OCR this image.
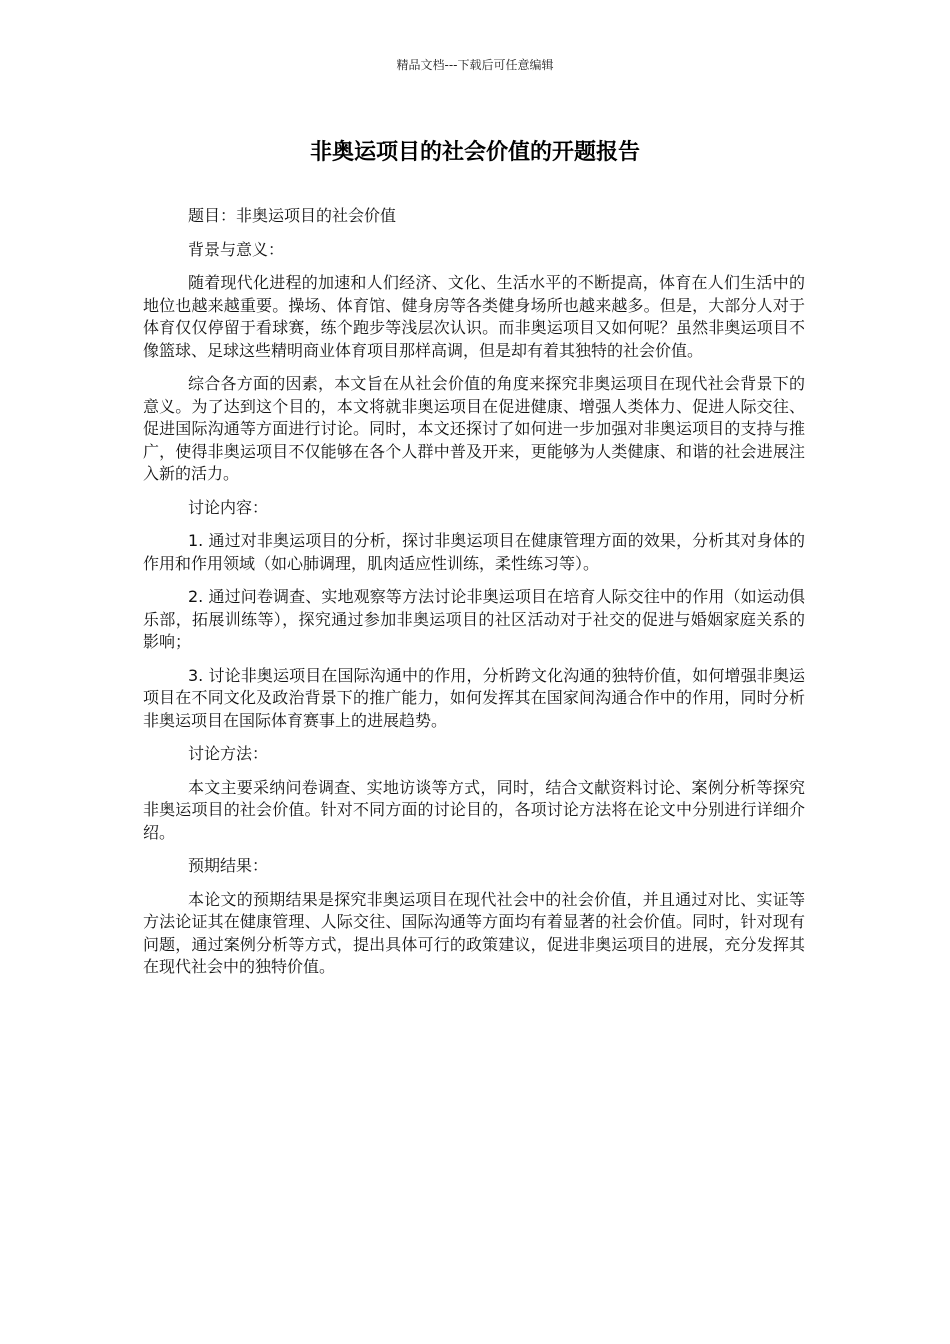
精品文档---下载后可任意编辑
非奥运项目的社会价值的开题报告

题目：非奥运项目的社会价值

背景与意义：

随着现代化进程的加速和人们经济、文化、生活水平的不断提高，体育在人们生活中的地位也越来越重要。操场、体育馆、健身房等各类健身场所也越来越多。但是，大部分人对于体育仅仅停留于看球赛，练个跑步等浅层次认识。而非奥运项目又如何呢？虽然非奥运项目不像篮球、足球这些精明商业体育项目那样高调，但是却有着其独特的社会价值。

综合各方面的因素，本文旨在从社会价值的角度来探究非奥运项目在现代社会背景下的意义。为了达到这个目的，本文将就非奥运项目在促进健康、增强人类体力、促进人际交往、促进国际沟通等方面进行讨论。同时，本文还探讨了如何进一步加强对非奥运项目的支持与推广，使得非奥运项目不仅能够在各个人群中普及开来，更能够为人类健康、和谐的社会进展注入新的活力。

讨论内容：

1. 通过对非奥运项目的分析，探讨非奥运项目在健康管理方面的效果，分析其对身体的作用和作用领域（如心肺调理，肌肉适应性训练，柔性练习等）。

2. 通过问卷调查、实地观察等方法讨论非奥运项目在培育人际交往中的作用（如运动俱乐部，拓展训练等），探究通过参加非奥运项目的社区活动对于社交的促进与婚姻家庭关系的影响；

3. 讨论非奥运项目在国际沟通中的作用，分析跨文化沟通的独特价值，如何增强非奥运项目在不同文化及政治背景下的推广能力，如何发挥其在国家间沟通合作中的作用，同时分析非奥运项目在国际体育赛事上的进展趋势。

讨论方法：

本文主要采纳问卷调查、实地访谈等方式，同时，结合文献资料讨论、案例分析等探究非奥运项目的社会价值。针对不同方面的讨论目的，各项讨论方法将在论文中分别进行详细介绍。

预期结果：

本论文的预期结果是探究非奥运项目在现代社会中的社会价值，并且通过对比、实证等方法论证其在健康管理、人际交往、国际沟通等方面均有着显著的社会价值。同时，针对现有问题，通过案例分析等方式，提出具体可行的政策建议，促进非奥运项目的进展，充分发挥其在现代社会中的独特价值。
